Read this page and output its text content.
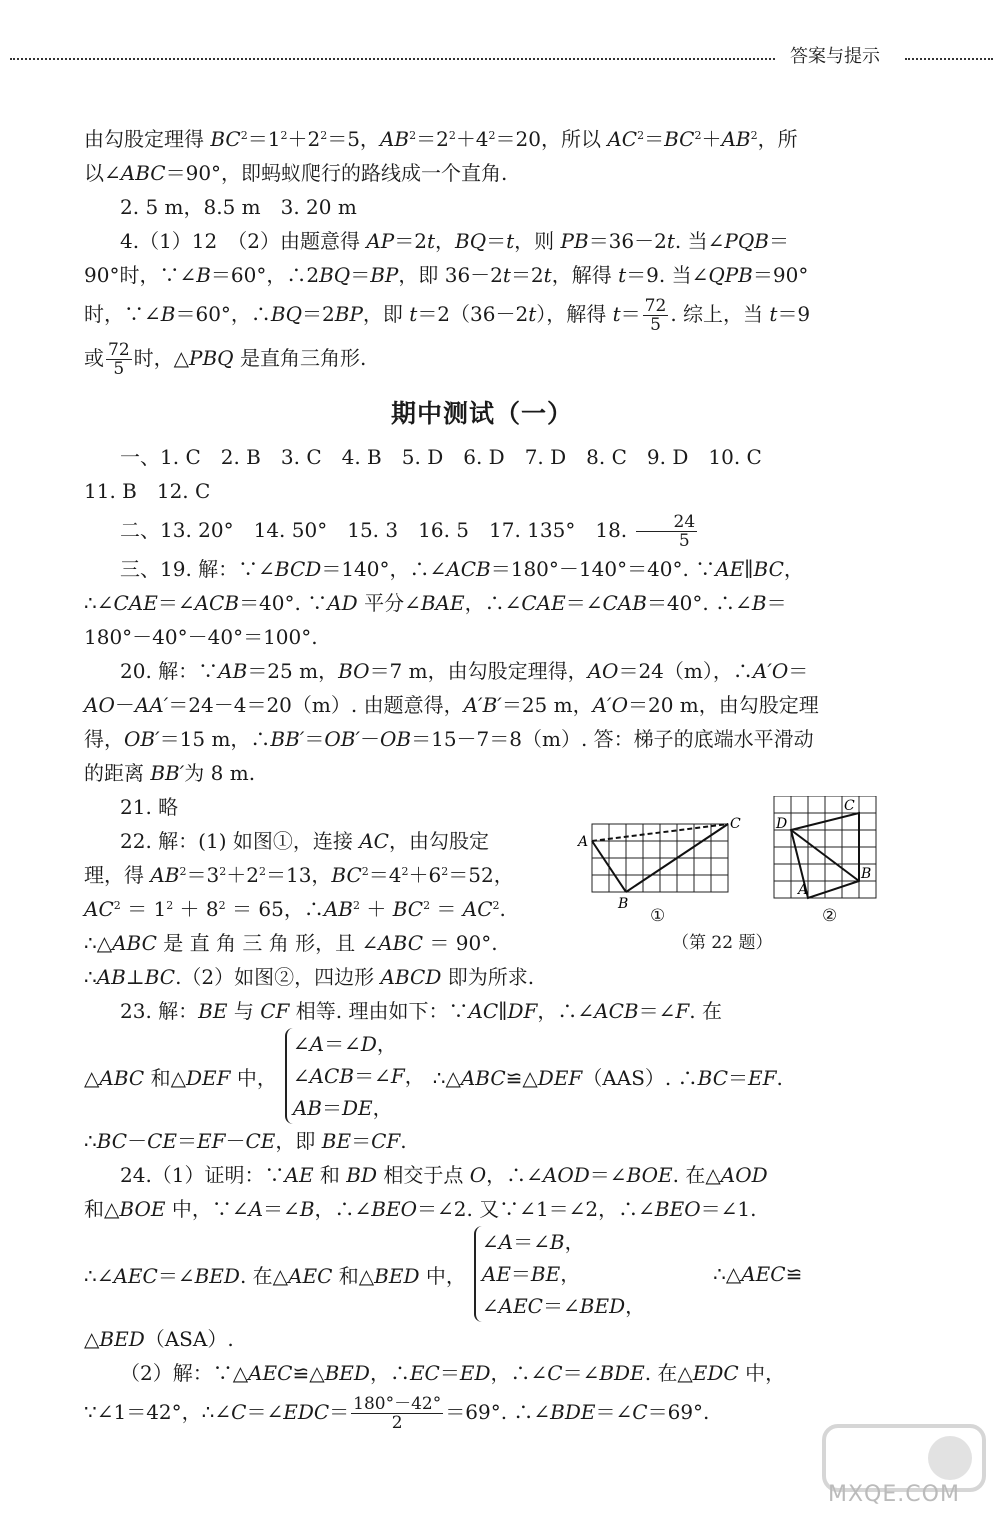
答案与提示

由勾股定理得 $BC^2=1^2+2^2=5$，$AB^2=2^2+4^2=20$，所以 $AC^2=BC^2+AB^2$，所

以∠ABC＝90°，即蚂蚁爬行的路线成一个直角.

2. 5 m，8.5 m　3. 20 m

4.（1）12　（2）由题意得 AP＝2t，BQ＝t，则 PB＝36－2t. 当∠PQB＝

90°时，∵∠B＝60°，∴2BQ＝BP，即 36－2t＝2t，解得 t＝9. 当∠QPB＝90°

时，∵∠B＝60°，∴BQ＝2BP，即 t＝2（36－2t），解得 $t= \frac{72}{5}$ . 综上，当 t＝9

或 $\frac{72}{5}$ 时，△PBQ 是直角三角形.

期中测试（一）

一、1. C　2. B　3. C　4. B　5. D　6. D　7. D　8. C　9. D　10. C

11. B　12. C

二、13. 20°　14. 50°　15. 3　16. 5　17. 135°　18. $\frac{24}{5}$

三、19. 解：∵∠BCD＝140°，∴∠ACB＝180°－140°＝40°. ∵AE∥BC，

∴∠CAE＝∠ACB＝40°. ∵AD 平分∠BAE，∴∠CAE＝∠CAB＝40°. ∴∠B＝

180°－40°－40°＝100°.

20. 解：∵AB＝25 m，BO＝7 m，由勾股定理得，AO＝24（m），∴A′O＝

AO－AA′＝24－4＝20（m）. 由题意得，A′B′＝25 m，A′O＝20 m，由勾股定理

得，OB′＝15 m，∴BB′＝OB′－OB＝15－7＝8（m）. 答：梯子的底端水平滑动

的距离 BB′为 8 m.

21. 略

22. 解：(1) 如图①，连接 AC，由勾股定

理，得 $AB^2=3^2+2^2=13$，$BC^2=4^2+6^2=52$，

$AC^2 = 1^2 + 8^2 = 65$，$\therefore AB^2 + BC^2 = AC^2$.

∴△ABC 是 直 角 三 角 形，且 ∠ABC ＝ 90°.

∴AB⊥BC.（2）如图②，四边形 ABCD 即为所求.

23. 解：BE 与 CF 相等. 理由如下：∵AC∥DF，∴∠ACB＝∠F. 在

△ABC 和△DEF 中，
∠A＝∠D，
∠ACB＝∠F，
AB＝DE，
∴△ABC≌△DEF（AAS）. ∴BC＝EF.

∴BC－CE＝EF－CE，即 BE＝CF.

24.（1）证明：∵AE 和 BD 相交于点 O，∴∠AOD＝∠BOE. 在△AOD

和△BOE 中，∵∠A＝∠B，∴∠BEO＝∠2. 又∵∠1＝∠2，∴∠BEO＝∠1.

∴∠AEC＝∠BED. 在△AEC 和△BED 中，
∠A＝∠B，
AE＝BE，
∠AEC＝∠BED，
∴△AEC≌

△BED（ASA）.

（2）解：∵△AEC≌△BED，∴EC＝ED，∴∠C＝∠BDE. 在△EDC 中，

∵∠1＝42°，∴∠C＝∠EDC＝ $\frac{180^\circ-42^\circ}{2} =69^\circ$. ∴∠BDE＝∠C＝69°.

A
C
B
D
C
B
A
①	②
（第 22 题）
MXQE.COM
